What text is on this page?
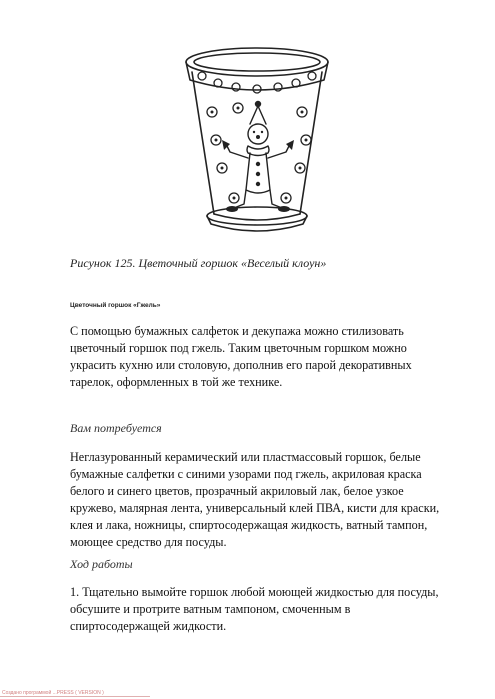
Рисунок 125. Цветочный горшок «Веселый клоун»
Цветочный горшок «Гжель»
С помощью бумажных салфеток и декупажа можно стилизовать цветочный горшок под гжель. Таким цветочным горшком можно украсить кухню или столовую, дополнив его парой декоративных тарелок, оформленных в той же технике.
Вам потребуется
Неглазурованный керамический или пластмассовый горшок, белые бумажные салфетки с синими узорами под гжель, акриловая краска белого и синего цветов, прозрачный акриловый лак, белое узкое кружево, малярная лента, универсальный клей ПВА, кисти для краски, клея и лака, ножницы, спиртосодержащая жидкость, ватный тампон, моющее средство для посуды.
Ход работы
1. Тщательно вымойте горшок любой моющей жидкостью для посуды, обсушите и протрите ватным тампоном, смоченным в спиртосодержащей жидкости.
Создано программой ...PRESS ( VERSION )
